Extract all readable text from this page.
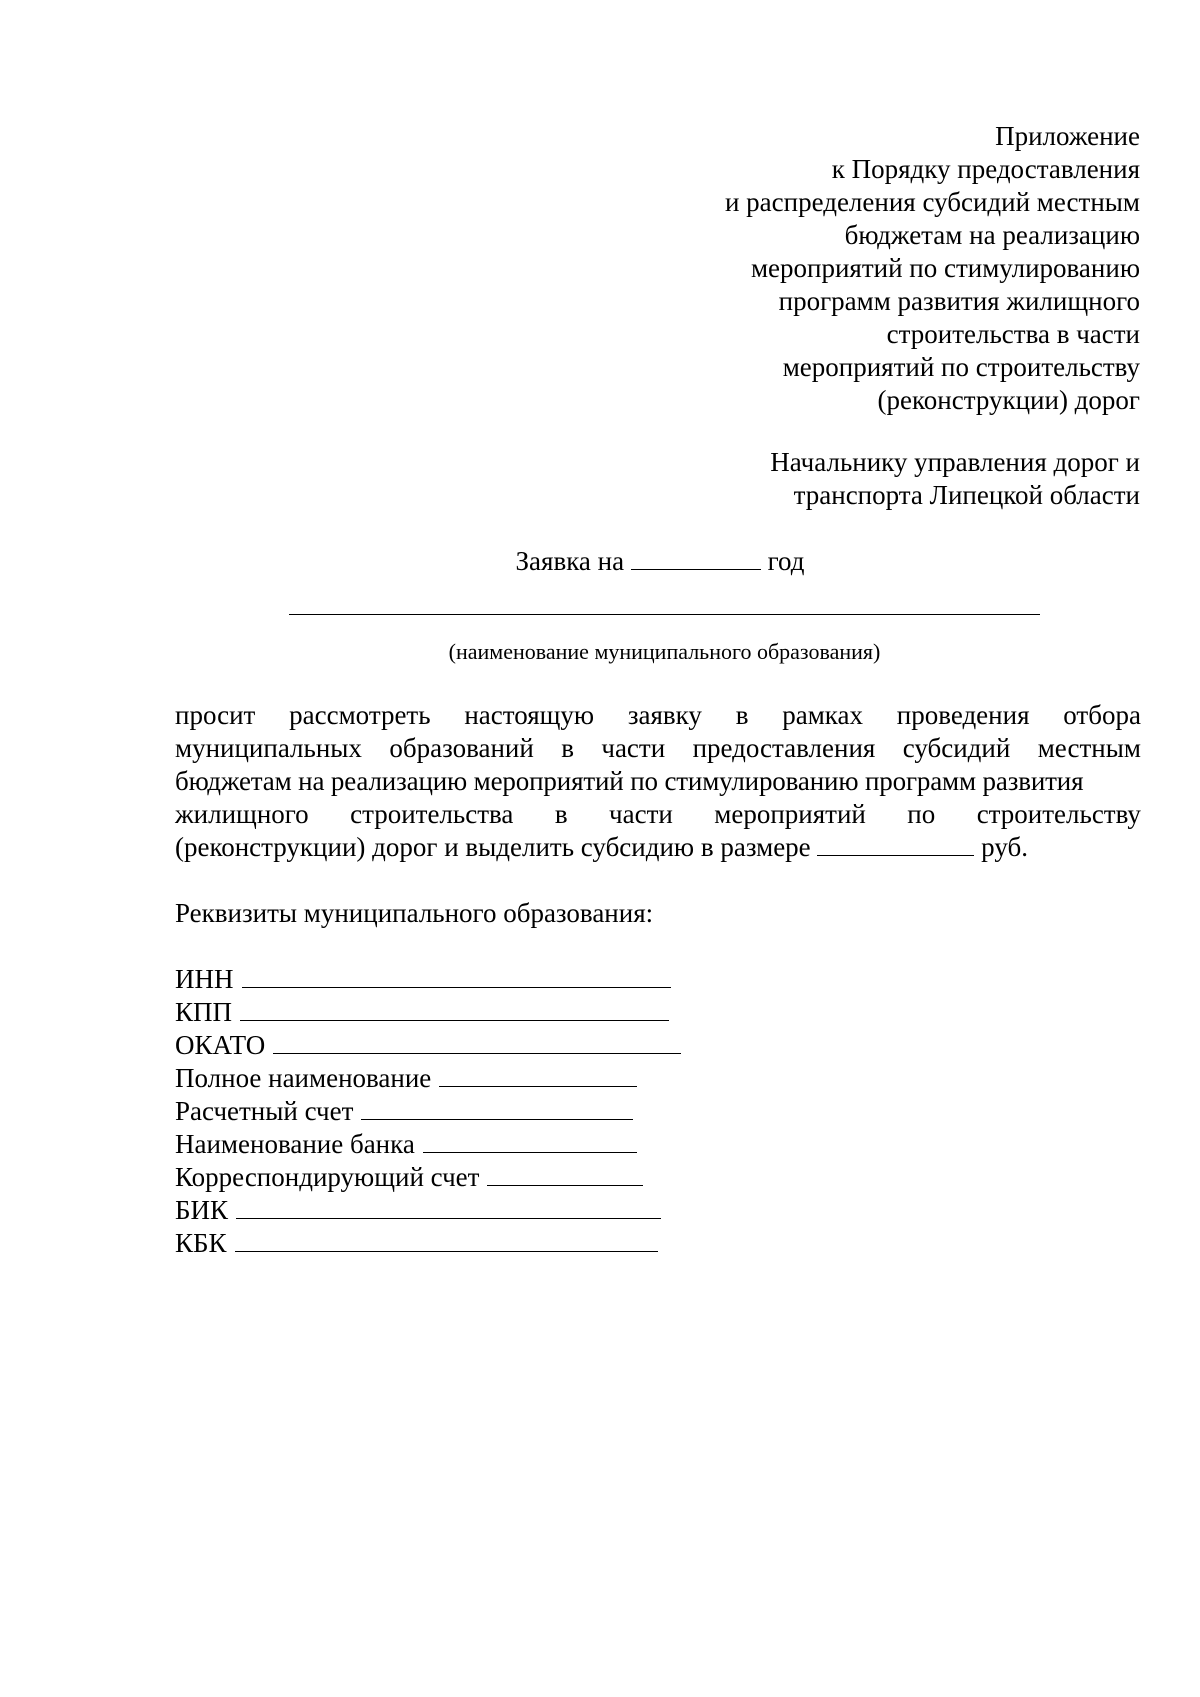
Приложение
к Порядку предоставления
и распределения субсидий местным
бюджетам на реализацию
мероприятий по стимулированию
программ развития жилищного
строительства в части
мероприятий по строительству
(реконструкции) дорог
Начальнику управления дорог и
транспорта Липецкой области
Заявка на	год
(наименование муниципального образования)
просит рассмотреть настоящую заявку в рамках проведения отбора
муниципальных образований в части предоставления субсидий местным
бюджетам на реализацию мероприятий по стимулированию программ развития
жилищного строительства в части мероприятий по строительству
(реконструкции) дорог и выделить субсидию в размере	руб.
Реквизиты муниципального образования:
ИНН
КПП
ОКАТО
Полное наименование
Расчетный счет
Наименование банка
Корреспондирующий счет
БИК
КБК
